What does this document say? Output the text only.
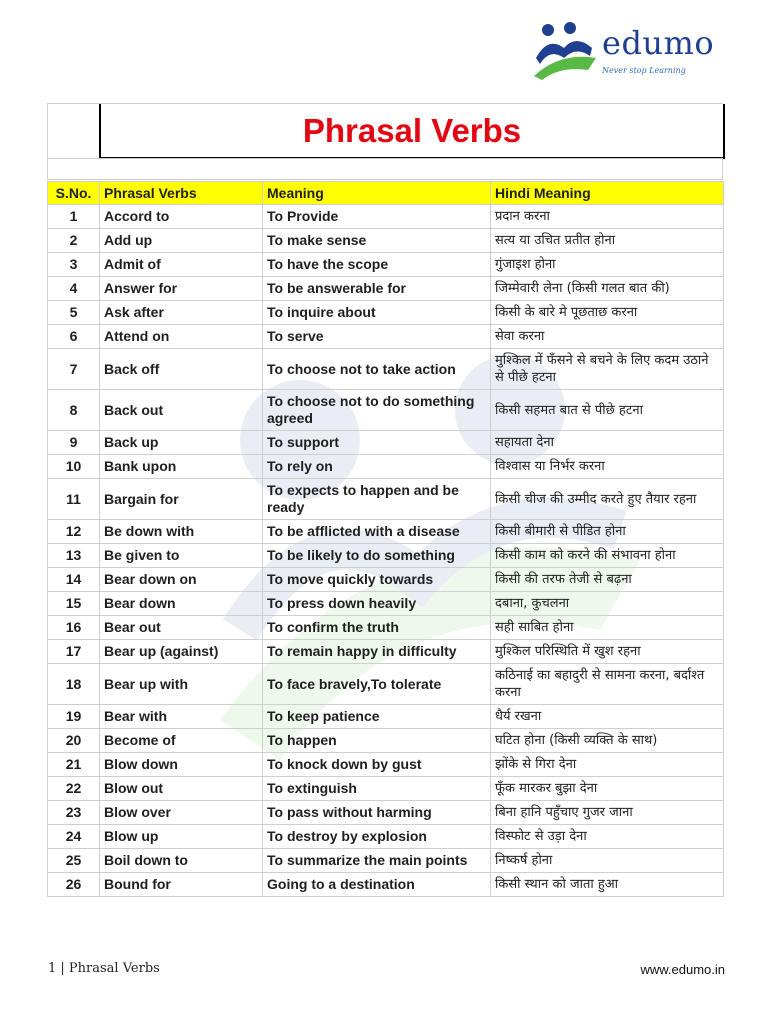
edumo
Never stop Learning
Phrasal Verbs
S.No.	Phrasal Verbs	Meaning	Hindi Meaning
1	Accord to	To Provide	प्रदान करना
2	Add up	To make sense	सत्य या उचित प्रतीत होना
3	Admit of	To have the scope	गुंजाइश होना
4	Answer for	To be answerable for	जिम्मेवारी लेना (किसी गलत बात की)
5	Ask after	To inquire about	किसी के बारे मे पूछताछ करना
6	Attend on	To serve	सेवा करना
7	Back off	To choose not to take action	मुश्किल में फँसने से बचने के लिए कदम उठाने से पीछे हटना
8	Back out	To choose not to do something agreed	किसी सहमत बात से पीछे हटना
9	Back up	To support	सहायता देना
10	Bank upon	To rely on	विश्वास या निर्भर करना
11	Bargain for	To expects to happen and be ready	किसी चीज की उम्मीद करते हुए तैयार रहना
12	Be down with	To be afflicted with a disease	किसी बीमारी से पीडित होना
13	Be given to	To be likely to do something	किसी काम को करने की संभावना होना
14	Bear down on	To move quickly towards	किसी की तरफ तेजी से बढ़ना
15	Bear down	To press down heavily	दबाना, कुचलना
16	Bear out	To confirm the truth	सही साबित होना
17	Bear up (against)	To remain happy in difficulty	मुश्किल परिस्थिति में खुश रहना
18	Bear up with	To face bravely,To tolerate	कठिनाई का बहादुरी से सामना करना, बर्दाश्त करना
19	Bear with	To keep patience	धैर्य रखना
20	Become of	To happen	घटित होना (किसी व्यक्ति के साथ)
21	Blow down	To knock down by gust	झोंके से गिरा देना
22	Blow out	To extinguish	फूँक मारकर बुझा देना
23	Blow over	To pass without harming	बिना हानि पहुँचाए गुजर जाना
24	Blow up	To destroy by explosion	विस्फोट से उड़ा देना
25	Boil down to	To summarize the main points	निष्कर्ष होना
26	Bound for	Going to a destination	किसी स्थान को जाता हुआ
1 | Phrasal Verbs	www.edumo.in
